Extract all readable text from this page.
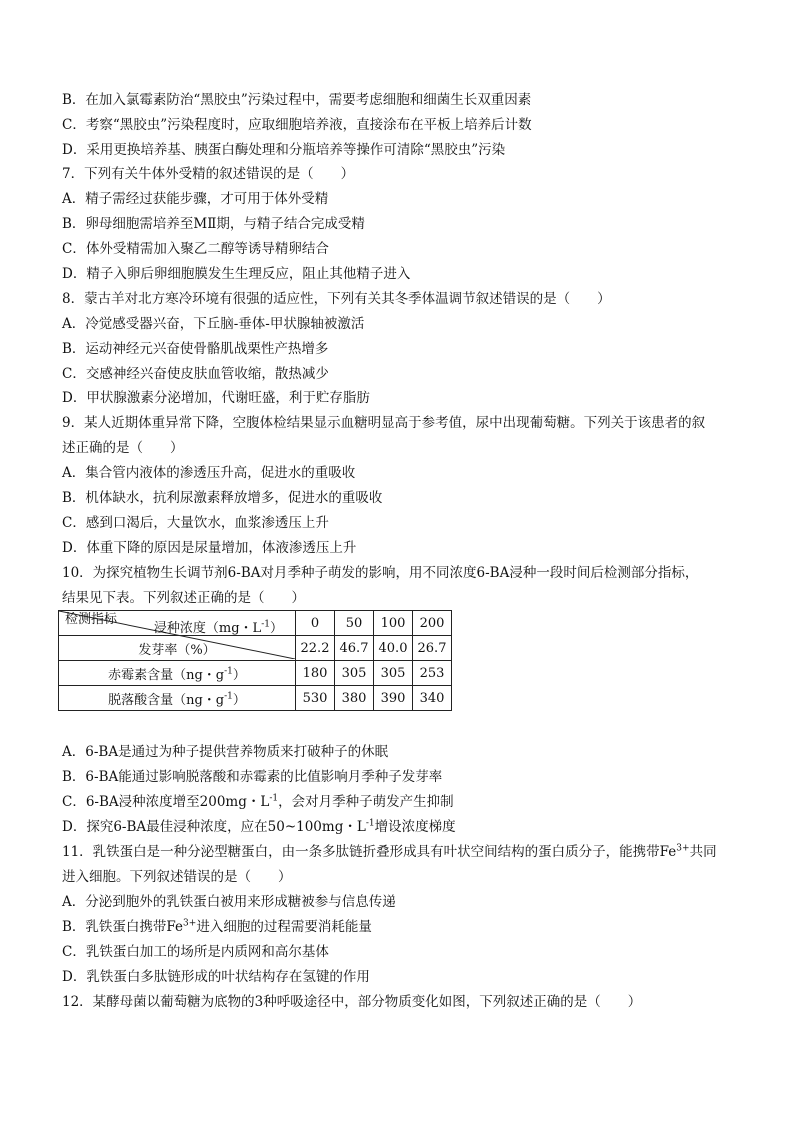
B．在加入氯霉素防治“黑胶虫”污染过程中，需要考虑细胞和细菌生长双重因素
C．考察“黑胶虫”污染程度时，应取细胞培养液，直接涂布在平板上培养后计数
D．采用更换培养基、胰蛋白酶处理和分瓶培养等操作可清除“黑胶虫”污染
7．下列有关牛体外受精的叙述错误的是（　　）
A．精子需经过获能步骤，才可用于体外受精
B．卵母细胞需培养至MⅡ期，与精子结合完成受精
C．体外受精需加入聚乙二醇等诱导精卵结合
D．精子入卵后卵细胞膜发生生理反应，阻止其他精子进入
8．蒙古羊对北方寒冷环境有很强的适应性，下列有关其冬季体温调节叙述错误的是（　　）
A．冷觉感受器兴奋，下丘脑-垂体-甲状腺轴被激活
B．运动神经元兴奋使骨骼肌战栗性产热增多
C．交感神经兴奋使皮肤血管收缩，散热减少
D．甲状腺激素分泌增加，代谢旺盛，利于贮存脂肪
9．某人近期体重异常下降，空腹体检结果显示血糖明显高于参考值，尿中出现葡萄糖。下列关于该患者的叙
述正确的是（　　）
A．集合管内液体的渗透压升高，促进水的重吸收
B．机体缺水，抗利尿激素释放增多，促进水的重吸收
C．感到口渴后，大量饮水，血浆渗透压上升
D．体重下降的原因是尿量增加，体液渗透压上升
10．为探究植物生长调节剂6-BA对月季种子萌发的影响，用不同浓度6-BA浸种一段时间后检测部分指标，
结果见下表。下列叙述正确的是（　　）
浸种浓度（mg・$L^{-1}$）
检测指标	0	50	100	200
发芽率（%）	22.2	46.7	40.0	26.7
赤霉素含量（ng・$g^{-1}$）	180	305	305	253
脱落酸含量（ng・$g^{-1}$）	530	380	390	340
A．6-BA是通过为种子提供营养物质来打破种子的休眠
B．6-BA能通过影响脱落酸和赤霉素的比值影响月季种子发芽率
C．6-BA浸种浓度增至200mg・$L^{-1}$，会对月季种子萌发产生抑制
D．探究6-BA最佳浸种浓度，应在50~100mg・$L^{-1}$增设浓度梯度
11．乳铁蛋白是一种分泌型糖蛋白，由一条多肽链折叠形成具有叶状空间结构的蛋白质分子，能携带$Fe^{3+}$共同
进入细胞。下列叙述错误的是（　　）
A．分泌到胞外的乳铁蛋白被用来形成糖被参与信息传递
B．乳铁蛋白携带$Fe^{3+}$进入细胞的过程需要消耗能量
C．乳铁蛋白加工的场所是内质网和高尔基体
D．乳铁蛋白多肽链形成的叶状结构存在氢键的作用
12．某酵母菌以葡萄糖为底物的3种呼吸途径中，部分物质变化如图，下列叙述正确的是（　　）
